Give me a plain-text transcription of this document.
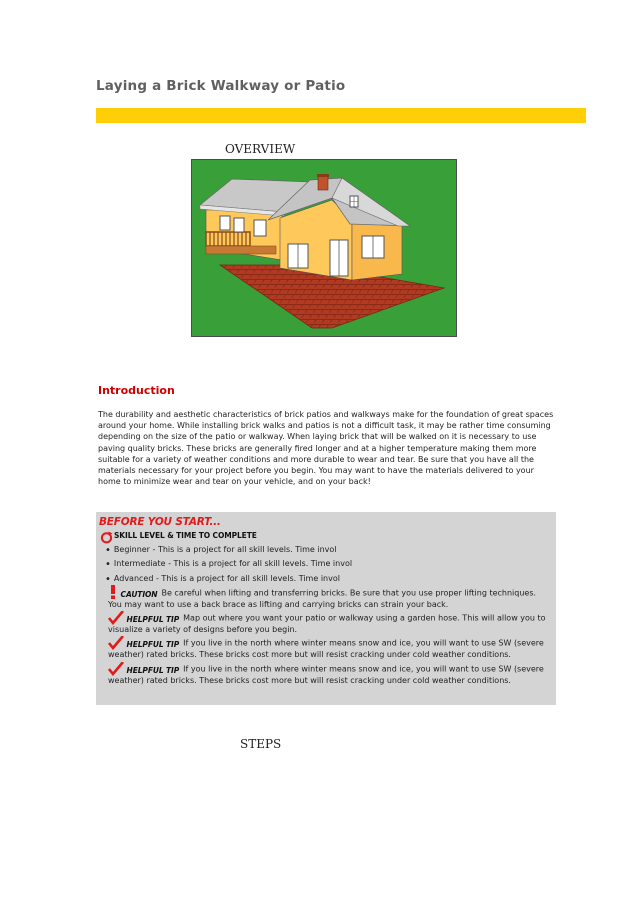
Laying a Brick Walkway or Patio
OVERVIEW
Introduction
The durability and aesthetic characteristics of brick patios and walkways make for the foundation of great spaces around your home. While installing brick walks and patios is not a difficult task, it may be rather time consuming depending on the size of the patio or walkway. When laying brick that will be walked on it is necessary to use paving quality bricks. These bricks are generally fired longer and at a higher temperature making them more suitable for a variety of weather conditions and more durable to wear and tear. Be sure that you have all the materials necessary for your project before you begin. You may want to have the materials delivered to your home to minimize wear and tear on your vehicle, and on your back!
BEFORE YOU START...
SKILL LEVEL & TIME TO COMPLETE
• Beginner - This is a project for all skill levels. Time invol
• Intermediate - This is a project for all skill levels. Time invol
• Advanced - This is a project for all skill levels. Time invol
CAUTION Be careful when lifting and transferring bricks. Be sure that you use proper lifting techniques. You may want to use a back brace as lifting and carrying bricks can strain your back.
HELPFUL TIP Map out where you want your patio or walkway using a garden hose. This will allow you to visualize a variety of designs before you begin.
HELPFUL TIP If you live in the north where winter means snow and ice, you will want to use SW (severe weather) rated bricks. These bricks cost more but will resist cracking under cold weather conditions.
HELPFUL TIP If you live in the north where winter means snow and ice, you will want to use SW (severe weather) rated bricks. These bricks cost more but will resist cracking under cold weather conditions.
STEPS
